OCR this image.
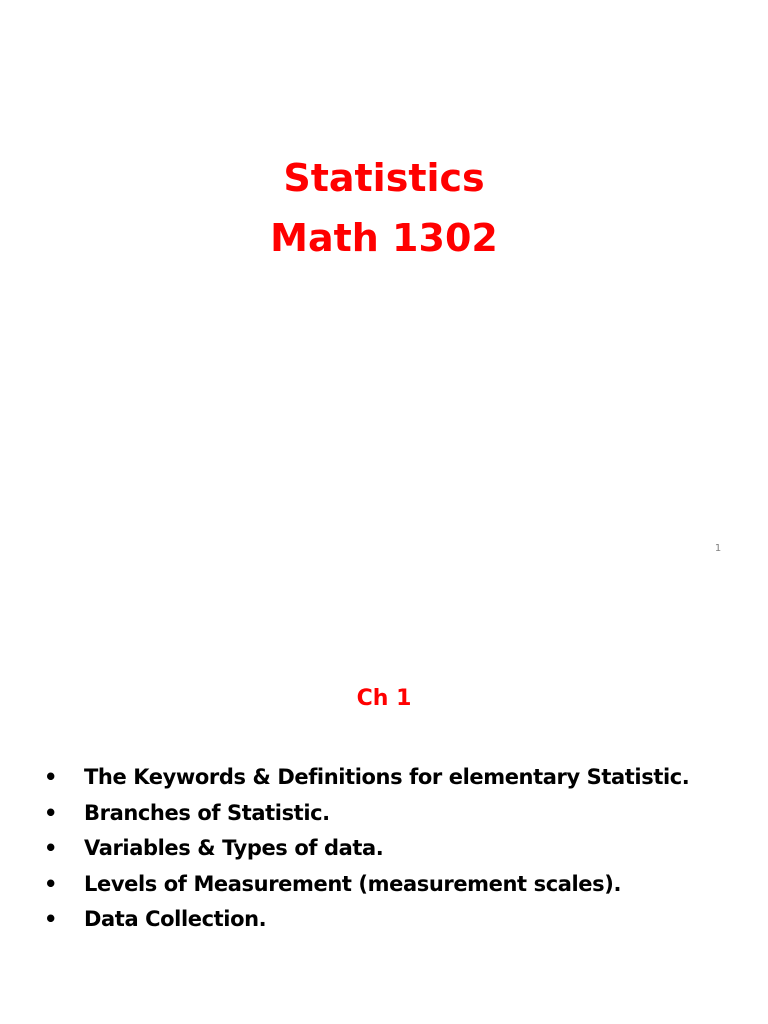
Statistics
Math 1302
1
Ch 1
• The Keywords & Definitions for elementary Statistic.
• Branches of Statistic.
• Variables & Types of data.
• Levels of Measurement (measurement scales).
• Data Collection.
